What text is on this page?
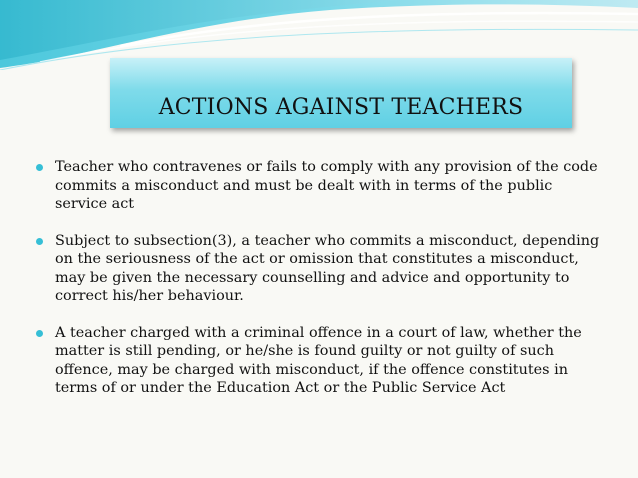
ACTIONS AGAINST TEACHERS
Teacher who contravenes or fails to comply with any provision of the code commits a misconduct and must be dealt with in terms of the public service act
Subject to subsection(3), a teacher who commits a misconduct, depending on the seriousness of the act or omission that constitutes a misconduct, may be given the necessary counselling and advice and opportunity to correct his/her behaviour.
A teacher charged with a criminal offence in a court of law, whether the matter is still pending, or he/she is found guilty or not guilty of such offence, may be charged with misconduct, if the offence constitutes in terms of or under the Education Act or the Public Service Act
